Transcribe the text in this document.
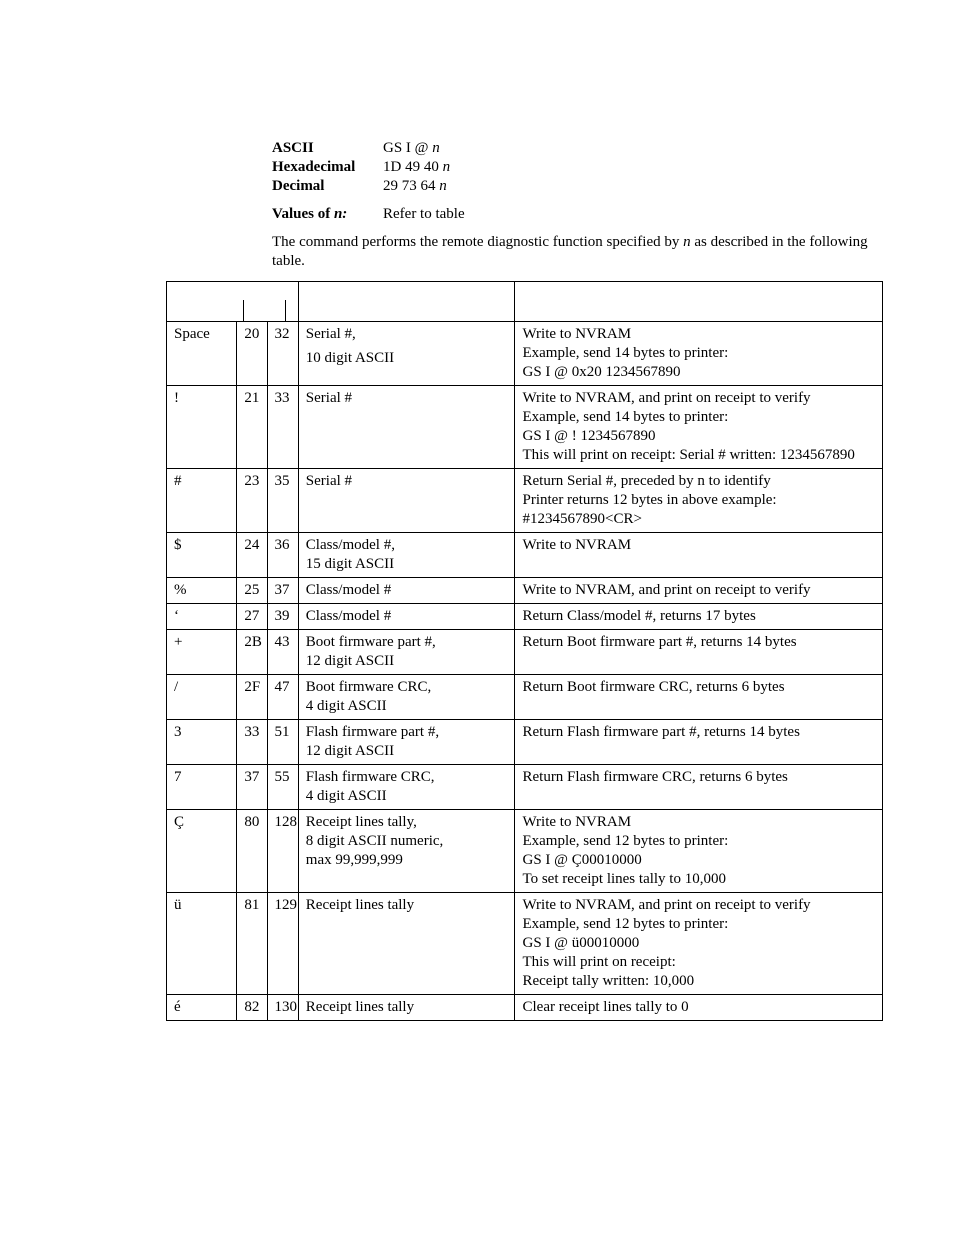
ASCII	GS I @ n
Hexadecimal	1D 49 40 n
Decimal	29 73 64 n
Values of n:	Refer to table
The command performs the remote diagnostic function specified by n as described in the following table.

Space	20	32	Serial #,
10 digit ASCII	Write to NVRAM
Example, send 14 bytes to printer:
GS I @ 0x20 1234567890

!	21	33	Serial #	Write to NVRAM, and print on receipt to verify
Example, send 14 bytes to printer:
GS I @ ! 1234567890
This will print on receipt: Serial # written: 1234567890

#	23	35	Serial #	Return Serial #, preceded by n to identify
Printer returns 12 bytes in above example:
#1234567890<CR>

$	24	36	Class/model #,
15 digit ASCII	Write to NVRAM

%	25	37	Class/model #	Write to NVRAM, and print on receipt to verify

‘	27	39	Class/model #	Return Class/model #, returns 17 bytes

+	2B	43	Boot firmware part #,
12 digit ASCII	Return Boot firmware part #, returns 14 bytes

/	2F	47	Boot firmware CRC,
4 digit ASCII	Return Boot firmware CRC, returns 6 bytes

3	33	51	Flash firmware part #,
12 digit ASCII	Return Flash firmware part #, returns 14 bytes

7	37	55	Flash firmware CRC,
4 digit ASCII	Return Flash firmware CRC, returns 6 bytes

Ç	80	128	Receipt lines tally,
8 digit ASCII numeric,
max 99,999,999	Write to NVRAM
Example, send 12 bytes to printer:
GS I @ Ç00010000
To set receipt lines tally to 10,000

ü	81	129	Receipt lines tally	Write to NVRAM, and print on receipt to verify
Example, send 12 bytes to printer:
GS I @ ü00010000
This will print on receipt:
Receipt tally written: 10,000

é	82	130	Receipt lines tally	Clear receipt lines tally to 0
